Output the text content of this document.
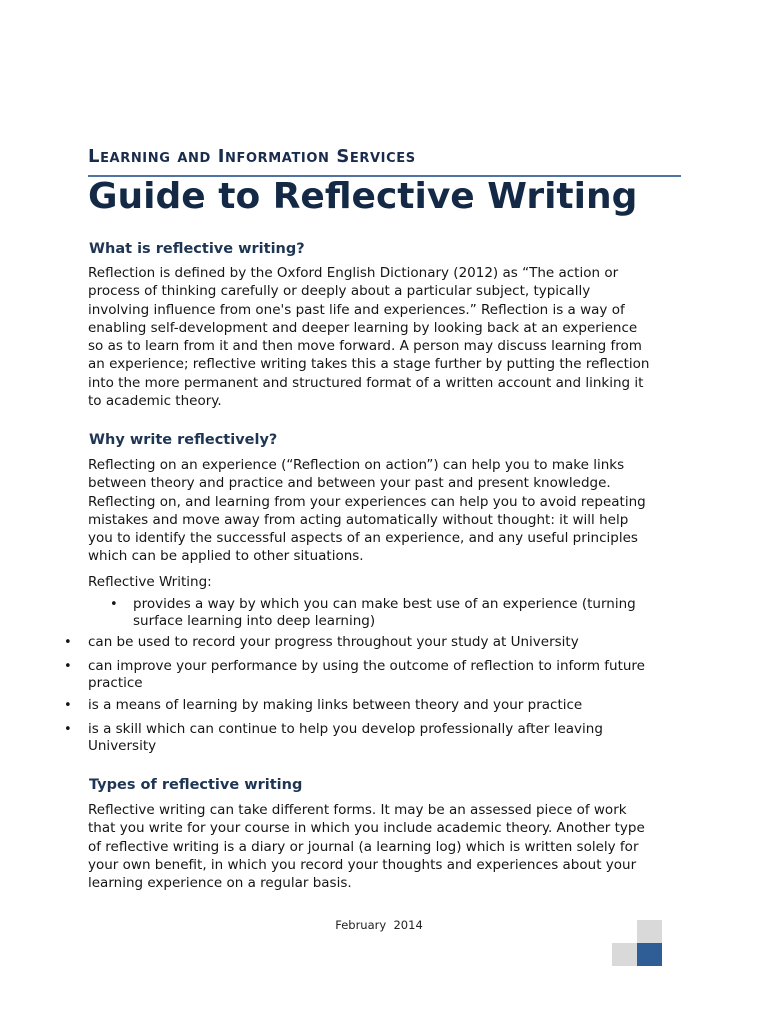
Learning and Information Services
Guide to Reflective Writing
What is reflective writing?
Reflection is defined by the Oxford English Dictionary (2012) as “The action or
process of thinking carefully or deeply about a particular subject, typically
involving influence from one's past life and experiences.” Reflection is a way of
enabling self-development and deeper learning by looking back at an experience
so as to learn from it and then move forward. A person may discuss learning from
an experience; reflective writing takes this a stage further by putting the reflection
into the more permanent and structured format of a written account and linking it
to academic theory.
Why write reflectively?
Reflecting on an experience (“Reflection on action”) can help you to make links
between theory and practice and between your past and present knowledge.
Reflecting on, and learning from your experiences can help you to avoid repeating
mistakes and move away from acting automatically without thought: it will help
you to identify the successful aspects of an experience, and any useful principles
which can be applied to other situations.
Reflective Writing:
• provides a way by which you can make best use of an experience (turning
surface learning into deep learning)
• can be used to record your progress throughout your study at University
• can improve your performance by using the outcome of reflection to inform future
practice
• is a means of learning by making links between theory and your practice
• is a skill which can continue to help you develop professionally after leaving
University
Types of reflective writing
Reflective writing can take different forms. It may be an assessed piece of work
that you write for your course in which you include academic theory. Another type
of reflective writing is a diary or journal (a learning log) which is written solely for
your own benefit, in which you record your thoughts and experiences about your
learning experience on a regular basis.
February  2014
